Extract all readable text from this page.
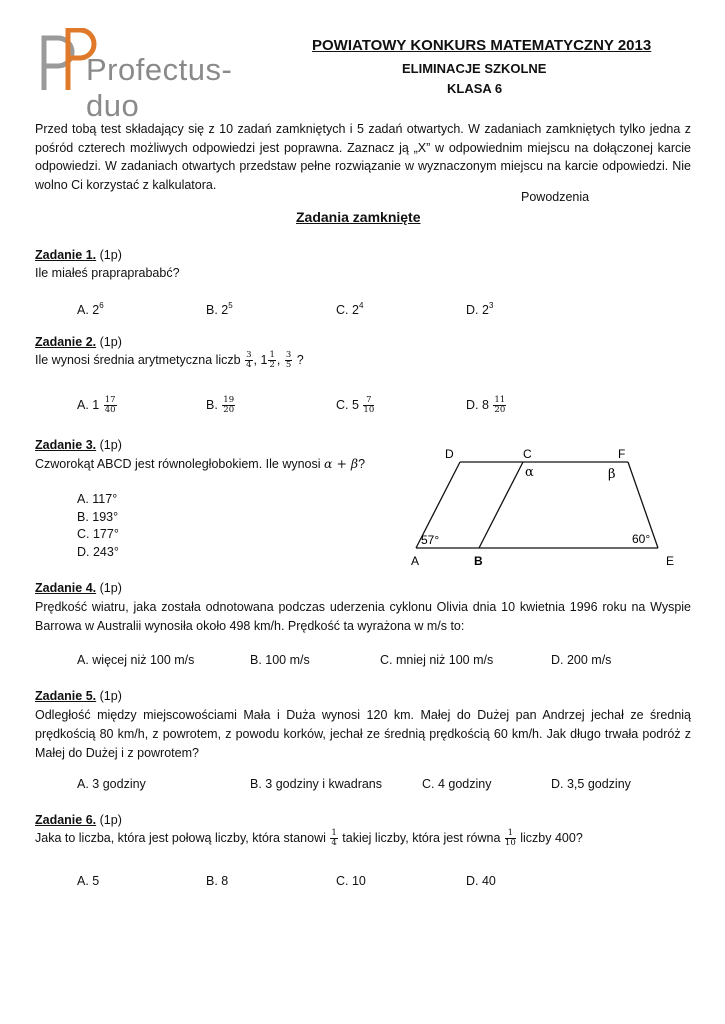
Profectus-duo
POWIATOWY KONKURS MATEMATYCZNY 2013
ELIMINACJE SZKOLNE
KLASA 6
Przed tobą test składający się z 10 zadań zamkniętych i 5 zadań otwartych. W zadaniach zamkniętych tylko jedna z pośród czterech możliwych odpowiedzi jest poprawna. Zaznacz ją „X” w odpowiednim miejscu na dołączonej karcie odpowiedzi. W zadaniach otwartych przedstaw pełne rozwiązanie w wyznaczonym miejscu na karcie odpowiedzi. Nie wolno Ci korzystać z kalkulatora.
Powodzenia
Zadania zamknięte
Zadanie 1. (1p)
Ile miałeś prapraprababć?
A. $2^6$	B. $2^5$	C. $2^4$	D. $2^3$
Zadanie 2. (1p)
Ile wynosi średnia arytmetyczna liczb $\frac{3}{4}$ , $1 \frac{1}{2}$ , $\frac{3}{5}$ ?
A. $1 \frac{17}{40}$	B. $\frac{19}{20}$	C. $5 \frac{7}{10}$	D. $8 \frac{11}{20}$
Zadanie 3. (1p)
Czworokąt ABCD jest równoległobokiem. Ile wynosi α + β?
A. 117°
B. 193°
C. 177°
D. 243°
D	C	F
α	β
57°	60°
A	B	E
Zadanie 4. (1p)
Prędkość wiatru, jaka została odnotowana podczas uderzenia cyklonu Olivia dnia 10 kwietnia 1996 roku na Wyspie Barrowa w Australii wynosiła około 498 km/h. Prędkość ta wyrażona w m/s to:
A. więcej niż 100 m/s	B. 100 m/s	C. mniej niż 100 m/s	D. 200 m/s
Zadanie 5. (1p)
Odległość między miejscowościami Mała i Duża wynosi 120 km. Małej do Dużej pan Andrzej jechał ze średnią prędkością 80 km/h, z powrotem, z powodu korków, jechał ze średnią prędkością 60 km/h. Jak długo trwała podróż z Małej do Dużej i z powrotem?
A. 3 godziny	B. 3 godziny i kwadrans	C. 4 godziny	D. 3,5 godziny
Zadanie 6. (1p)
Jaka to liczba, która jest połową liczby, która stanowi $\frac{1}{4}$ takiej liczby, która jest równa $\frac{1}{10}$ liczby 400?
A. 5	B. 8	C. 10	D. 40
